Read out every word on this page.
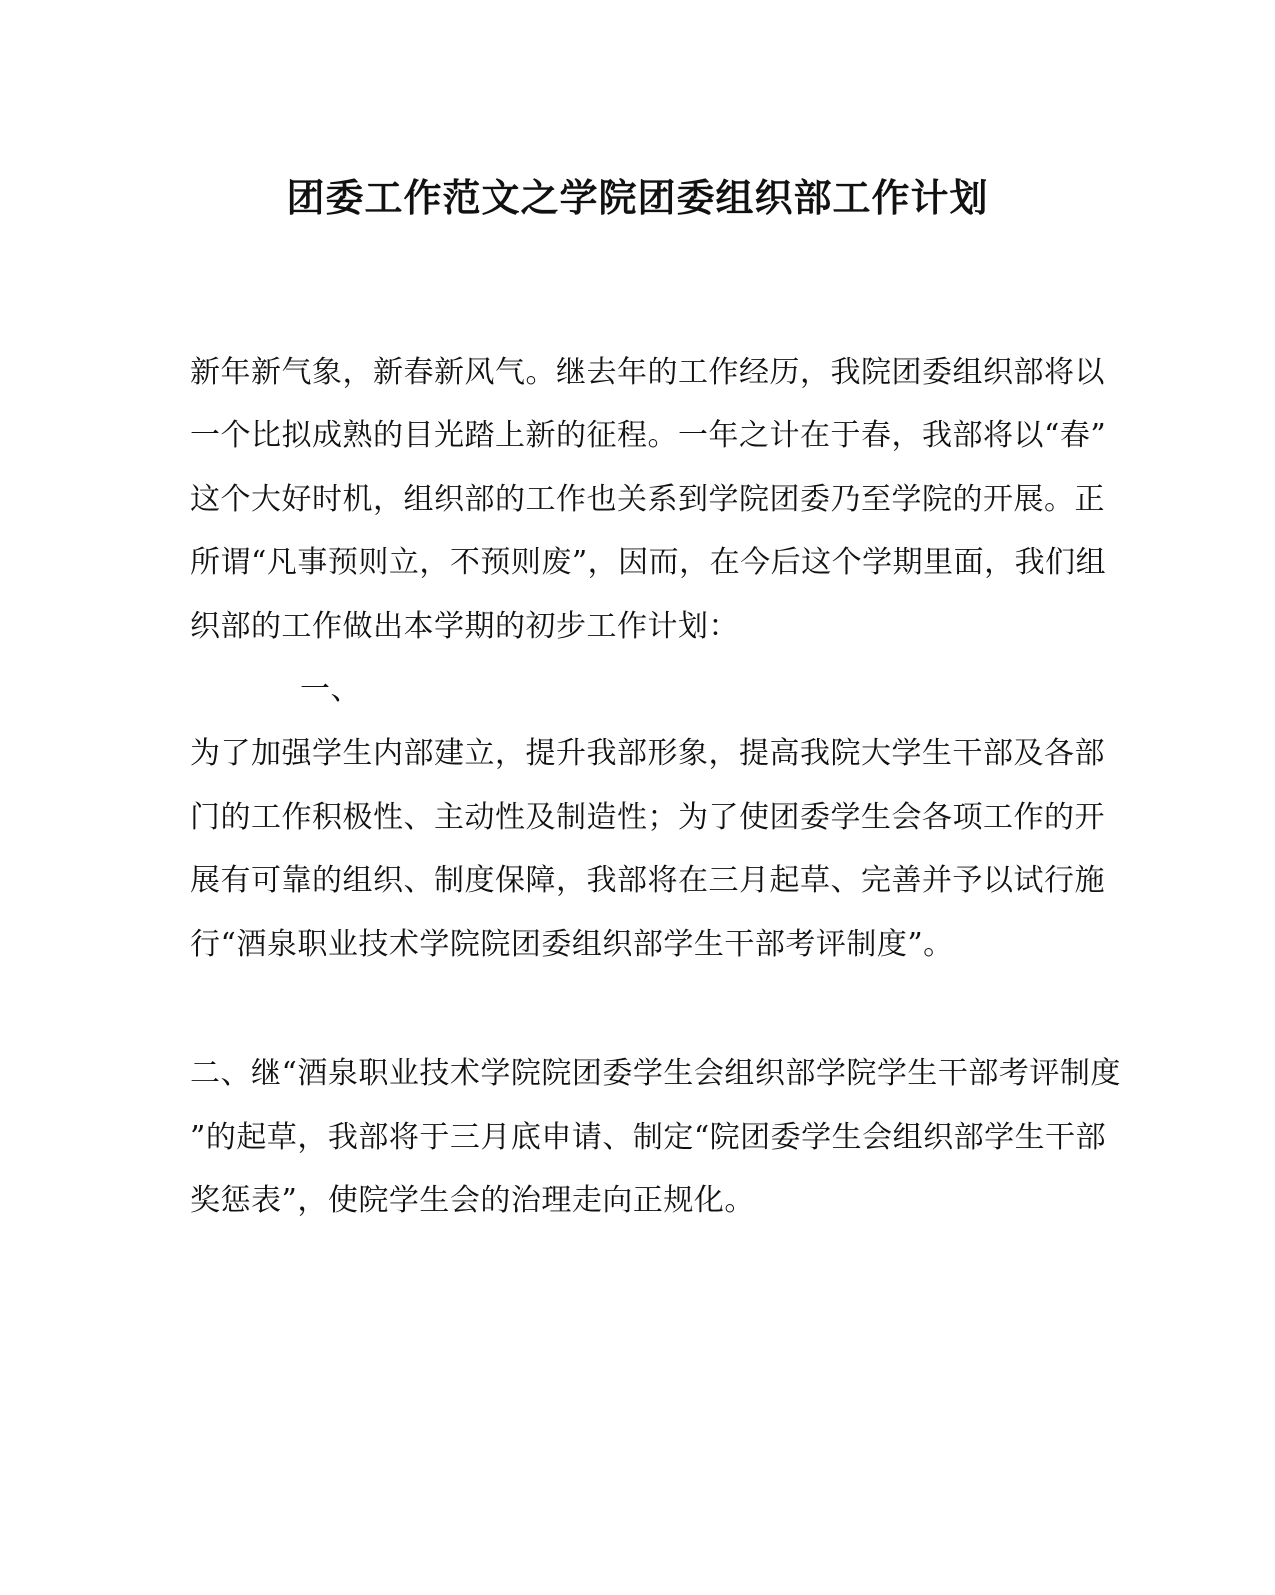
团委工作范文之学院团委组织部工作计划
新年新气象，新春新风气。继去年的工作经历，我院团委组织部将以
一个比拟成熟的目光踏上新的征程。一年之计在于春，我部将以“春”
这个大好时机，组织部的工作也关系到学院团委乃至学院的开展。正
所谓“凡事预则立，不预则废”，因而，在今后这个学期里面，我们组
织部的工作做出本学期的初步工作计划：
一、
为了加强学生内部建立，提升我部形象，提高我院大学生干部及各部
门的工作积极性、主动性及制造性；为了使团委学生会各项工作的开
展有可靠的组织、制度保障，我部将在三月起草、完善并予以试行施
行“酒泉职业技术学院院团委组织部学生干部考评制度”。
二、继“酒泉职业技术学院院团委学生会组织部学院学生干部考评制度
”的起草，我部将于三月底申请、制定“院团委学生会组织部学生干部
奖惩表”，使院学生会的治理走向正规化。
